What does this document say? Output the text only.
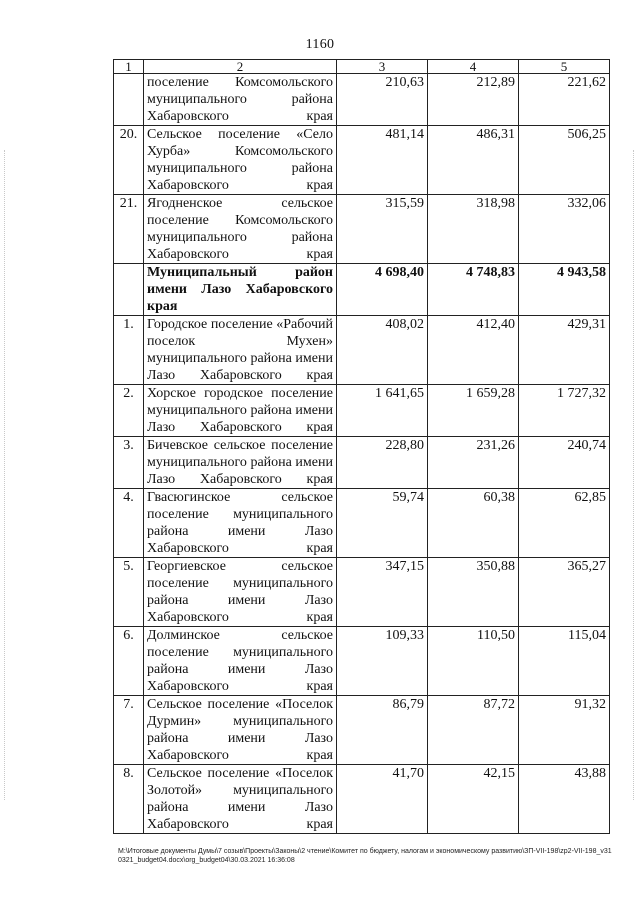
1160
1	2	3	4	5
	поселение Комсомольского муниципального района Хабаровского края	210,63	212,89	221,62
20.	Сельское поселение «Село Хурба» Комсомольского муниципального района Хабаровского края	481,14	486,31	506,25
21.	Ягодненское сельское поселение Комсомольского муниципального района Хабаровского края	315,59	318,98	332,06
	Муниципальный район имени Лазо Хабаровского края	4 698,40	4 748,83	4 943,58
1.	Городское поселение «Рабочий поселок Мухен» муниципального района имени Лазо Хабаровского края	408,02	412,40	429,31
2.	Хорское городское поселение муниципального района имени Лазо Хабаровского края	1 641,65	1 659,28	1 727,32
3.	Бичевское сельское поселение муниципального района имени Лазо Хабаровского края	228,80	231,26	240,74
4.	Гвасюгинское сельское поселение муниципального района имени Лазо Хабаровского края	59,74	60,38	62,85
5.	Георгиевское сельское поселение муниципального района имени Лазо Хабаровского края	347,15	350,88	365,27
6.	Долминское сельское поселение муниципального района имени Лазо Хабаровского края	109,33	110,50	115,04
7.	Сельское поселение «Поселок Дурмин» муниципального района имени Лазо Хабаровского края	86,79	87,72	91,32
8.	Сельское поселение «Поселок Золотой» муниципального района имени Лазо Хабаровского края	41,70	42,15	43,88
M:\Итоговые документы Думы\7 созыв\Проекты\Законы\2 чтение\Комитет по бюджету, налогам и экономическому развитию\ЗП-VII-198\zp2-VII-198_v310321_budget04.docx\org_budget04\30.03.2021 16:36:08
